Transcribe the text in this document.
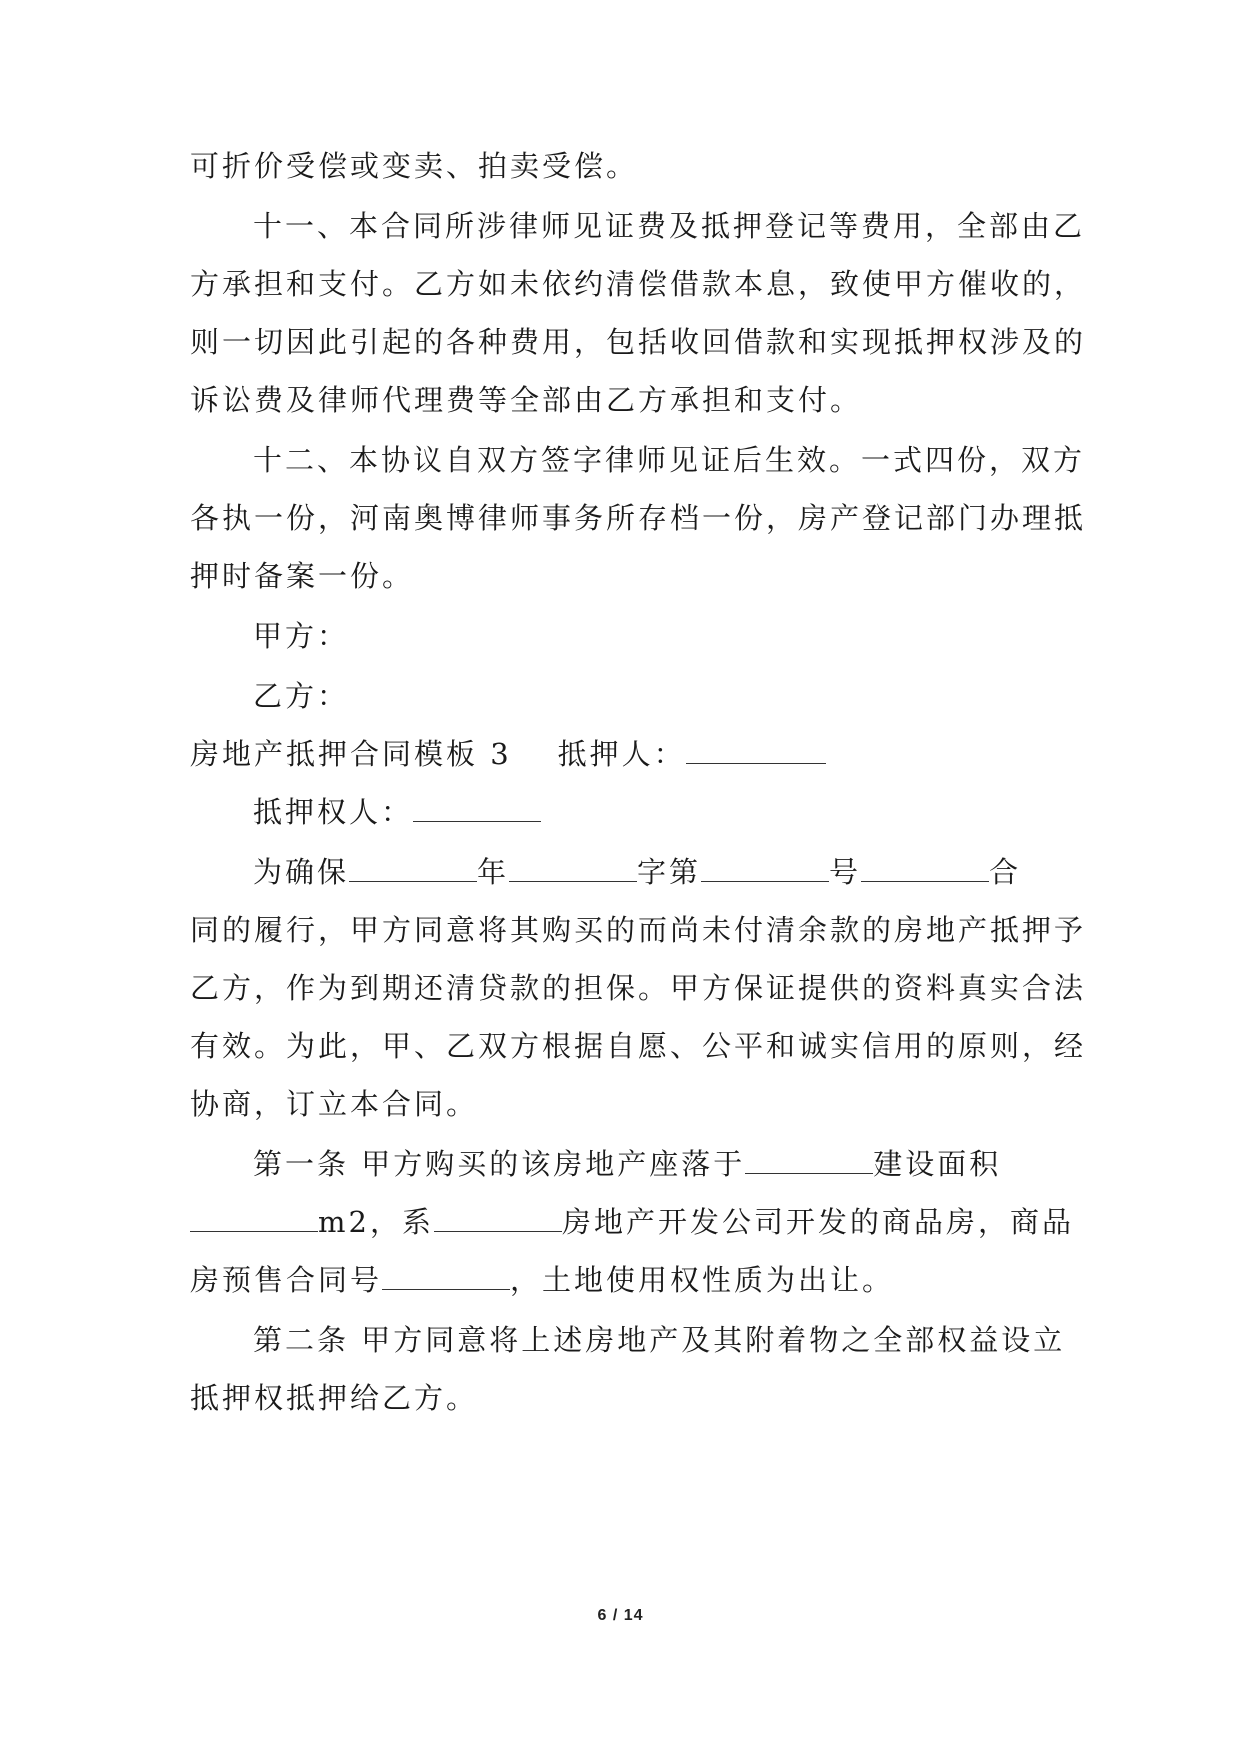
可折价受偿或变卖、拍卖受偿。
十一、本合同所涉律师见证费及抵押登记等费用，全部由乙
方承担和支付。乙方如未依约清偿借款本息，致使甲方催收的，
则一切因此引起的各种费用，包括收回借款和实现抵押权涉及的
诉讼费及律师代理费等全部由乙方承担和支付。
十二、本协议自双方签字律师见证后生效。一式四份，双方
各执一份，河南奥博律师事务所存档一份，房产登记部门办理抵
押时备案一份。
甲方：
乙方：
房地产抵押合同模板 3 抵押人：
抵押权人：
为确保	年	字第	号	合
同的履行，甲方同意将其购买的而尚未付清余款的房地产抵押予
乙方，作为到期还清贷款的担保。甲方保证提供的资料真实合法
有效。为此，甲、乙双方根据自愿、公平和诚实信用的原则，经
协商，订立本合同。
第一条 甲方购买的该房地产座落于	建设面积
m2，系	房地产开发公司开发的商品房，商品
房预售合同号	，土地使用权性质为出让。
第二条 甲方同意将上述房地产及其附着物之全部权益设立
抵押权抵押给乙方。
6 / 14
